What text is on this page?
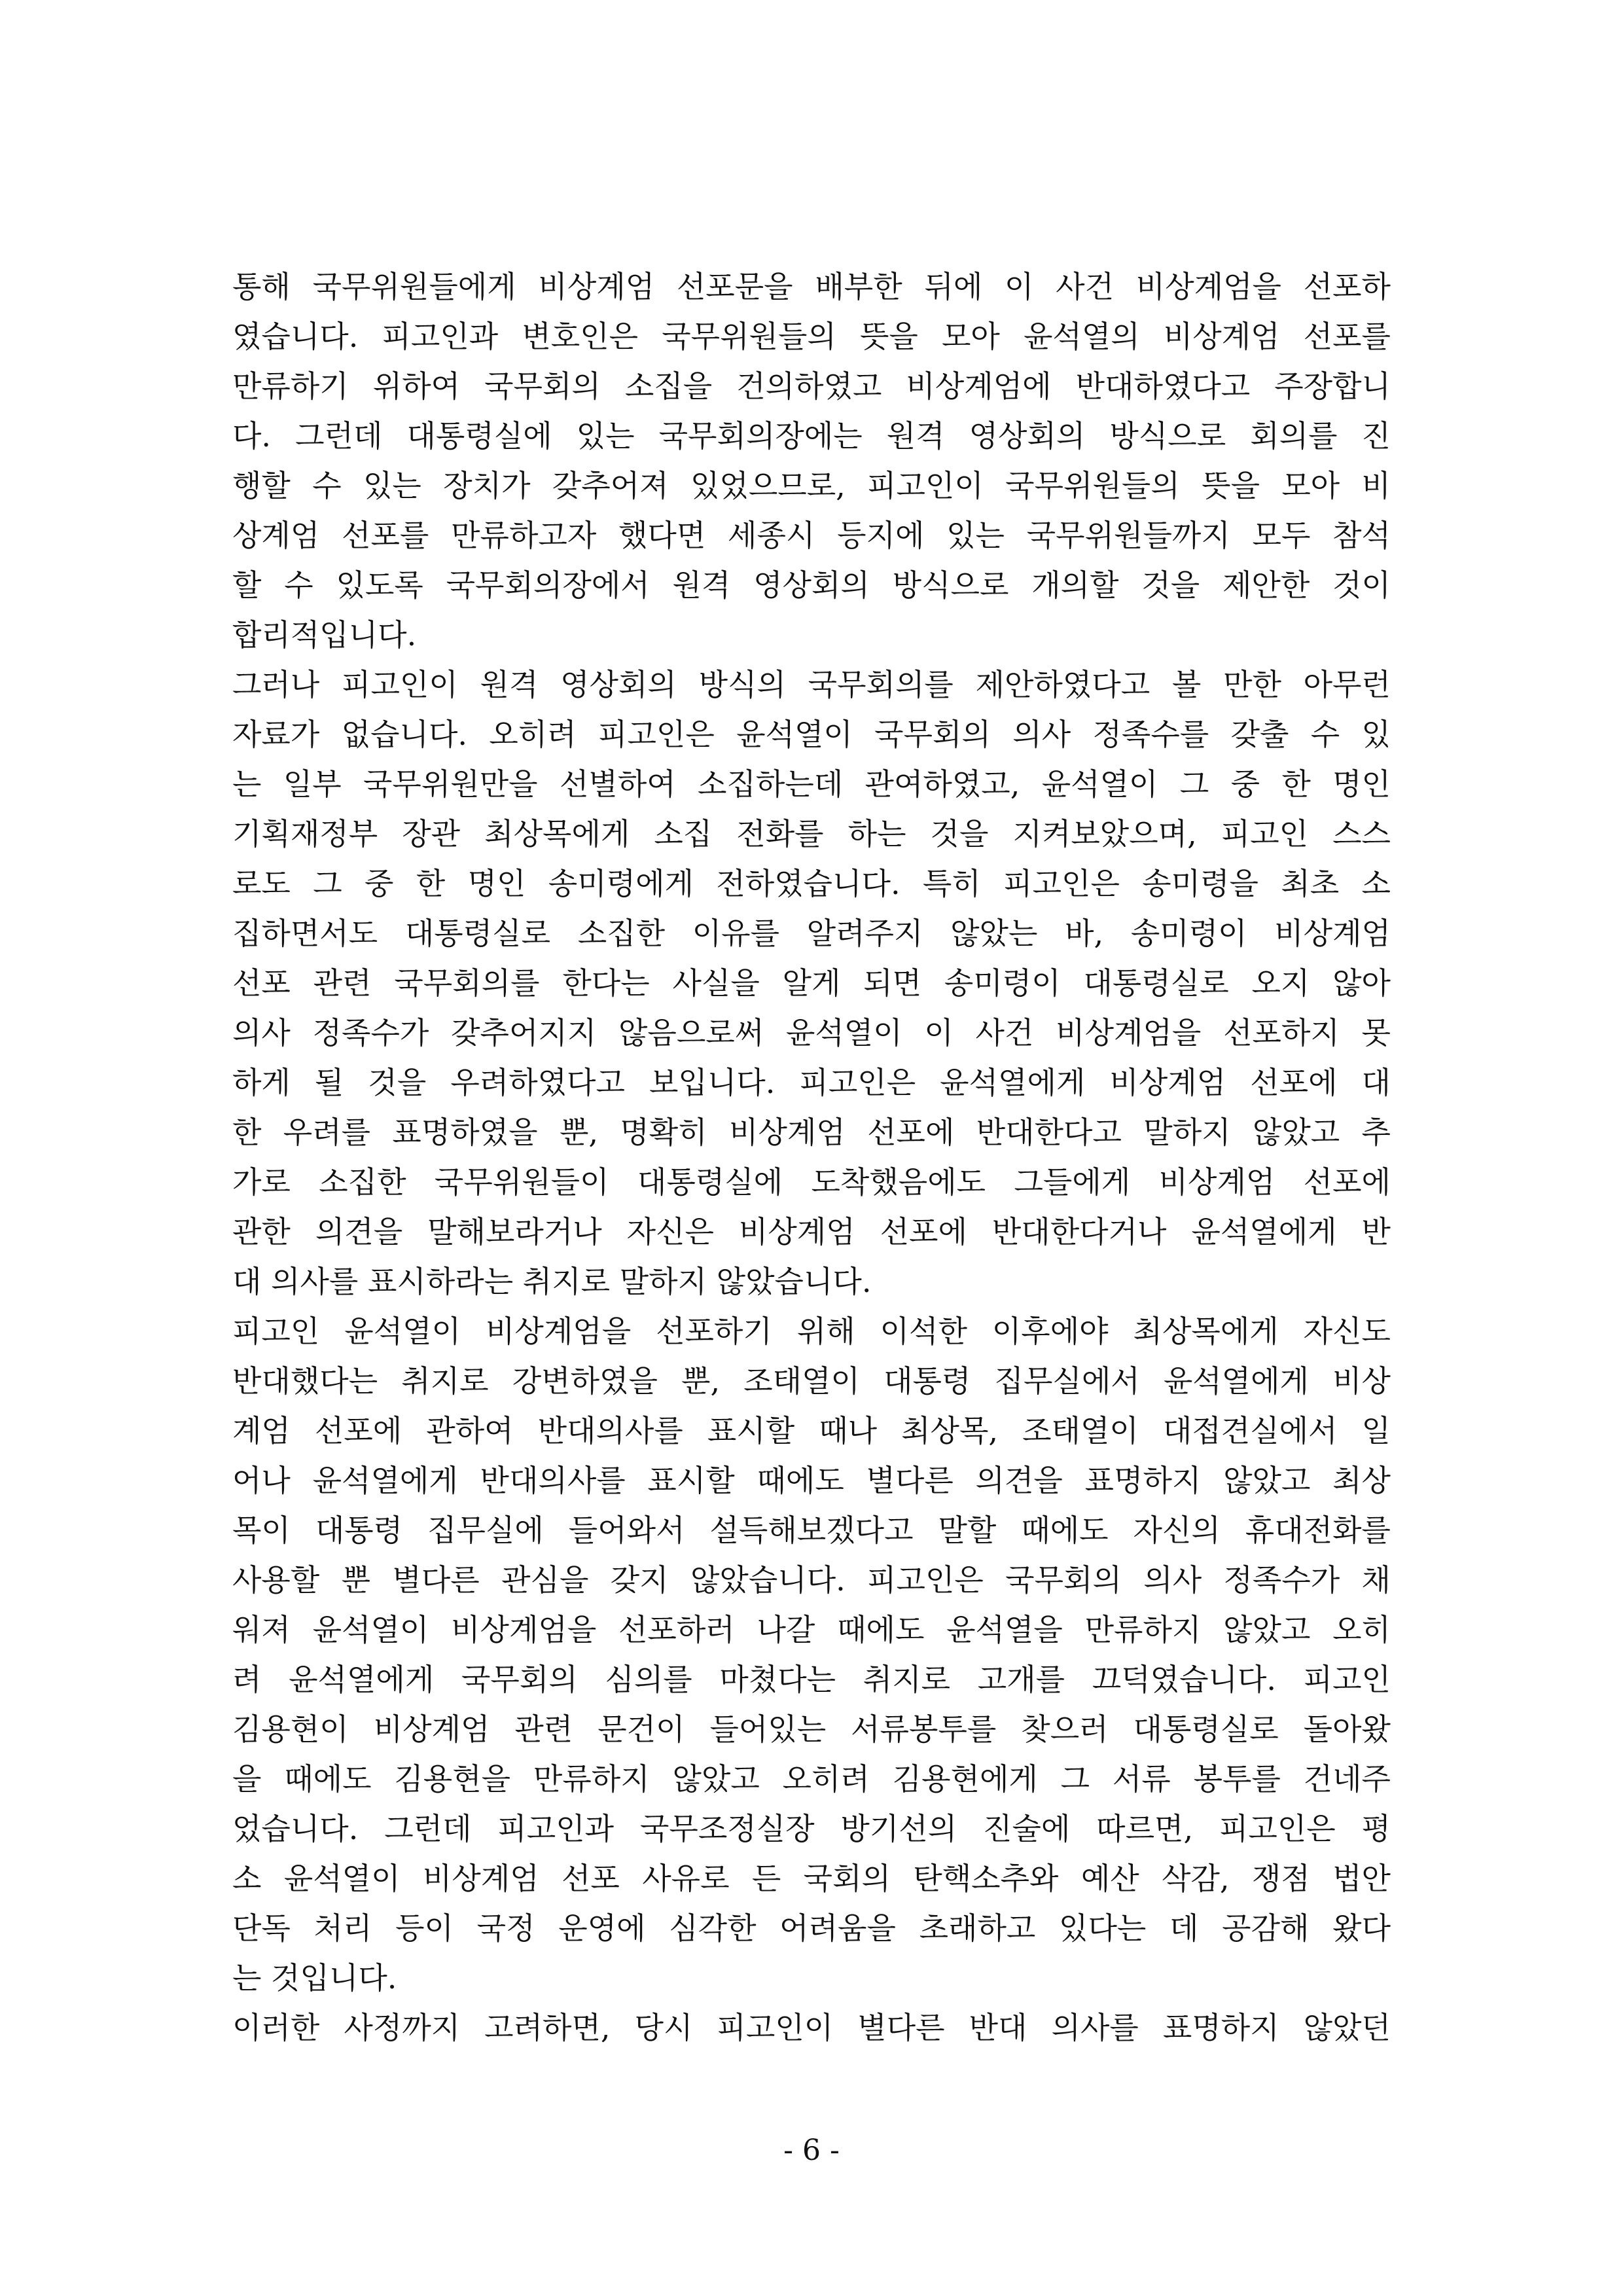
통해 국무위원들에게 비상계엄 선포문을 배부한 뒤에 이 사건 비상계엄을 선포하
였습니다. 피고인과 변호인은 국무위원들의 뜻을 모아 윤석열의 비상계엄 선포를
만류하기 위하여 국무회의 소집을 건의하였고 비상계엄에 반대하였다고 주장합니
다. 그런데 대통령실에 있는 국무회의장에는 원격 영상회의 방식으로 회의를 진
행할 수 있는 장치가 갖추어져 있었으므로, 피고인이 국무위원들의 뜻을 모아 비
상계엄 선포를 만류하고자 했다면 세종시 등지에 있는 국무위원들까지 모두 참석
할 수 있도록 국무회의장에서 원격 영상회의 방식으로 개의할 것을 제안한 것이
합리적입니다.
그러나 피고인이 원격 영상회의 방식의 국무회의를 제안하였다고 볼 만한 아무런
자료가 없습니다. 오히려 피고인은 윤석열이 국무회의 의사 정족수를 갖출 수 있
는 일부 국무위원만을 선별하여 소집하는데 관여하였고, 윤석열이 그 중 한 명인
기획재정부 장관 최상목에게 소집 전화를 하는 것을 지켜보았으며, 피고인 스스
로도 그 중 한 명인 송미령에게 전하였습니다. 특히 피고인은 송미령을 최초 소
집하면서도 대통령실로 소집한 이유를 알려주지 않았는 바, 송미령이 비상계엄
선포 관련 국무회의를 한다는 사실을 알게 되면 송미령이 대통령실로 오지 않아
의사 정족수가 갖추어지지 않음으로써 윤석열이 이 사건 비상계엄을 선포하지 못
하게 될 것을 우려하였다고 보입니다. 피고인은 윤석열에게 비상계엄 선포에 대
한 우려를 표명하였을 뿐, 명확히 비상계엄 선포에 반대한다고 말하지 않았고 추
가로 소집한 국무위원들이 대통령실에 도착했음에도 그들에게 비상계엄 선포에
관한 의견을 말해보라거나 자신은 비상계엄 선포에 반대한다거나 윤석열에게 반
대 의사를 표시하라는 취지로 말하지 않았습니다.
피고인 윤석열이 비상계엄을 선포하기 위해 이석한 이후에야 최상목에게 자신도
반대했다는 취지로 강변하였을 뿐, 조태열이 대통령 집무실에서 윤석열에게 비상
계엄 선포에 관하여 반대의사를 표시할 때나 최상목, 조태열이 대접견실에서 일
어나 윤석열에게 반대의사를 표시할 때에도 별다른 의견을 표명하지 않았고 최상
목이 대통령 집무실에 들어와서 설득해보겠다고 말할 때에도 자신의 휴대전화를
사용할 뿐 별다른 관심을 갖지 않았습니다. 피고인은 국무회의 의사 정족수가 채
워져 윤석열이 비상계엄을 선포하러 나갈 때에도 윤석열을 만류하지 않았고 오히
려 윤석열에게 국무회의 심의를 마쳤다는 취지로 고개를 끄덕였습니다. 피고인
김용현이 비상계엄 관련 문건이 들어있는 서류봉투를 찾으러 대통령실로 돌아왔
을 때에도 김용현을 만류하지 않았고 오히려 김용현에게 그 서류 봉투를 건네주
었습니다. 그런데 피고인과 국무조정실장 방기선의 진술에 따르면, 피고인은 평
소 윤석열이 비상계엄 선포 사유로 든 국회의 탄핵소추와 예산 삭감, 쟁점 법안
단독 처리 등이 국정 운영에 심각한 어려움을 초래하고 있다는 데 공감해 왔다
는 것입니다.
이러한 사정까지 고려하면, 당시 피고인이 별다른 반대 의사를 표명하지 않았던
- 6 -
